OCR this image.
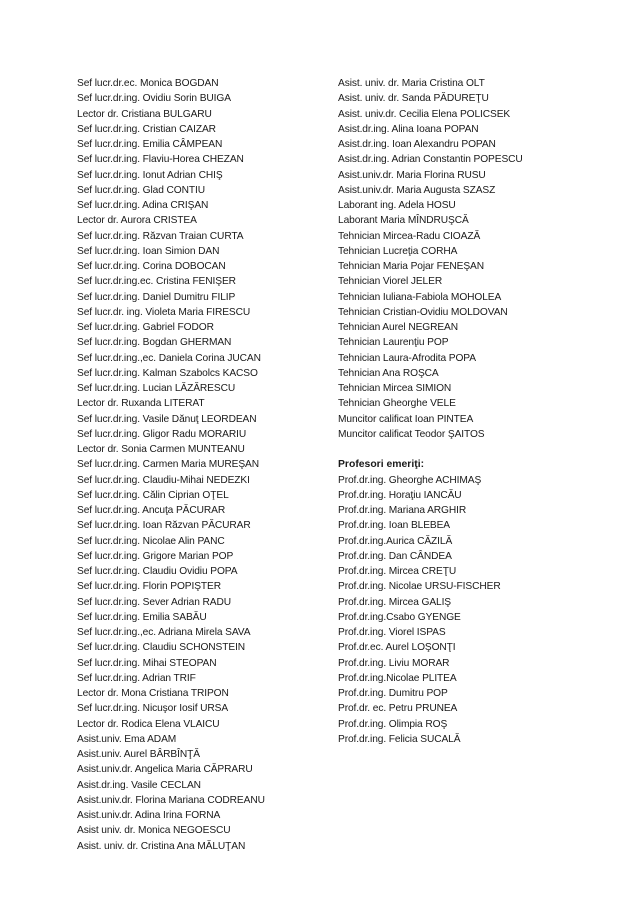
Sef lucr.dr.ec. Monica BOGDAN
Sef lucr.dr.ing. Ovidiu Sorin BUIGA
Lector dr. Cristiana BULGARU
Sef lucr.dr.ing. Cristian CAIZAR
Sef lucr.dr.ing. Emilia CÂMPEAN
Sef lucr.dr.ing. Flaviu-Horea CHEZAN
Sef lucr.dr.ing. Ionut Adrian CHIŞ
Sef lucr.dr.ing. Glad CONTIU
Sef lucr.dr.ing. Adina CRIŞAN
Lector dr. Aurora CRISTEA
Sef lucr.dr.ing. Răzvan Traian CURTA
Sef lucr.dr.ing. Ioan Simion DAN
Sef lucr.dr.ing. Corina DOBOCAN
Sef lucr.dr.ing.ec. Cristina FENIŞER
Sef lucr.dr.ing. Daniel Dumitru FILIP
Sef lucr.dr. ing. Violeta Maria FIRESCU
Sef lucr.dr.ing. Gabriel FODOR
Sef lucr.dr.ing. Bogdan GHERMAN
Sef lucr.dr.ing.,ec. Daniela Corina JUCAN
Sef lucr.dr.ing. Kalman Szabolcs KACSO
Sef lucr.dr.ing. Lucian LĂZĂRESCU
Lector dr. Ruxanda LITERAT
Sef lucr.dr.ing. Vasile Dănuţ LEORDEAN
Sef lucr.dr.ing. Gligor Radu MORARIU
Lector dr. Sonia Carmen MUNTEANU
Sef lucr.dr.ing. Carmen Maria MUREŞAN
Sef lucr.dr.ing. Claudiu-Mihai NEDEZKI
Sef lucr.dr.ing. Călin Ciprian OŢEL
Sef lucr.dr.ing. Ancuţa PĂCURAR
Sef lucr.dr.ing. Ioan Răzvan PĂCURAR
Sef lucr.dr.ing. Nicolae Alin PANC
Sef lucr.dr.ing. Grigore Marian POP
Sef lucr.dr.ing. Claudiu Ovidiu POPA
Sef lucr.dr.ing. Florin POPIŞTER
Sef lucr.dr.ing. Sever Adrian RADU
Sef lucr.dr.ing. Emilia SABĂU
Sef lucr.dr.ing.,ec. Adriana Mirela SAVA
Sef lucr.dr.ing. Claudiu SCHONSTEIN
Sef lucr.dr.ing. Mihai STEOPAN
Sef lucr.dr.ing. Adrian TRIF
Lector dr. Mona Cristiana TRIPON
Sef lucr.dr.ing. Nicuşor Iosif URSA
Lector dr. Rodica Elena VLAICU
Asist.univ. Ema ADAM
Asist.univ. Aurel BÂRBÎNŢĂ
Asist.univ.dr. Angelica Maria CĂPRARU
Asist.dr.ing. Vasile CECLAN
Asist.univ.dr. Florina Mariana CODREANU
Asist.univ.dr. Adina Irina FORNA
Asist univ. dr. Monica NEGOESCU
Asist. univ. dr. Cristina Ana MĂLUŢAN
Asist. univ. dr. Maria Cristina OLT
Asist. univ. dr. Sanda PĂDUREŢU
Asist. univ.dr. Cecilia Elena POLICSEK
Asist.dr.ing. Alina Ioana POPAN
Asist.dr.ing. Ioan Alexandru POPAN
Asist.dr.ing. Adrian Constantin POPESCU
Asist.univ.dr. Maria Florina RUSU
Asist.univ.dr. Maria Augusta SZASZ
Laborant ing. Adela HOSU
Laborant Maria MÎNDRUŞCĂ
Tehnician Mircea-Radu CIOAZĂ
Tehnician Lucreţia CORHA
Tehnician Maria Pojar FENEŞAN
Tehnician Viorel JELER
Tehnician Iuliana-Fabiola MOHOLEA
Tehnician Cristian-Ovidiu MOLDOVAN
Tehnician Aurel NEGREAN
Tehnician Laurenţiu POP
Tehnician Laura-Afrodita POPA
Tehnician Ana ROŞCA
Tehnician Mircea SIMION
Tehnician Gheorghe VELE
Muncitor calificat Ioan PINTEA
Muncitor calificat Teodor ŞAITOS
Profesori emeriţi:
Prof.dr.ing. Gheorghe ACHIMAŞ
Prof.dr.ing. Horaţiu IANCĂU
Prof.dr.ing. Mariana ARGHIR
Prof.dr.ing. Ioan BLEBEA
Prof.dr.ing.Aurica CĂZILĂ
Prof.dr.ing. Dan CÂNDEA
Prof.dr.ing. Mircea CREŢU
Prof.dr.ing. Nicolae URSU-FISCHER
Prof.dr.ing. Mircea GALIŞ
Prof.dr.ing.Csabo GYENGE
Prof.dr.ing. Viorel ISPAS
Prof.dr.ec. Aurel LOŞONŢI
Prof.dr.ing. Liviu MORAR
Prof.dr.ing.Nicolae PLITEA
Prof.dr.ing. Dumitru POP
Prof.dr. ec. Petru PRUNEA
Prof.dr.ing. Olimpia ROŞ
Prof.dr.ing. Felicia SUCALĂ
